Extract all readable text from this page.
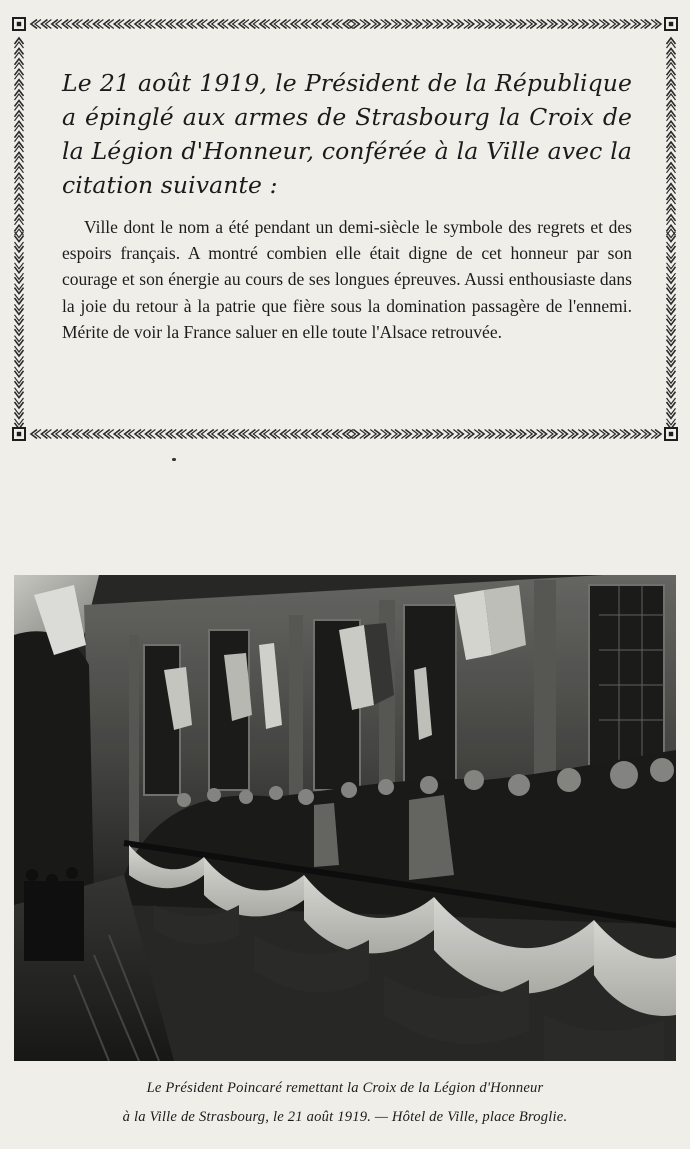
Le 21 août 1919, le Président de la République a épinglé aux armes de Strasbourg la Croix de la Légion d'Honneur, conférée à la Ville avec la citation suivante :

Ville dont le nom a été pendant un demi-siècle le symbole des regrets et des espoirs français. A montré combien elle était digne de cet honneur par son courage et son énergie au cours de ses longues épreuves. Aussi enthousiaste dans la joie du retour à la patrie que fière sous la domination passagère de l'ennemi. Mérite de voir la France saluer en elle toute l'Alsace retrouvée.

Le Président Poincaré remettant la Croix de la Légion d'Honneur

à la Ville de Strasbourg, le 21 août 1919. — Hôtel de Ville, place Broglie.
